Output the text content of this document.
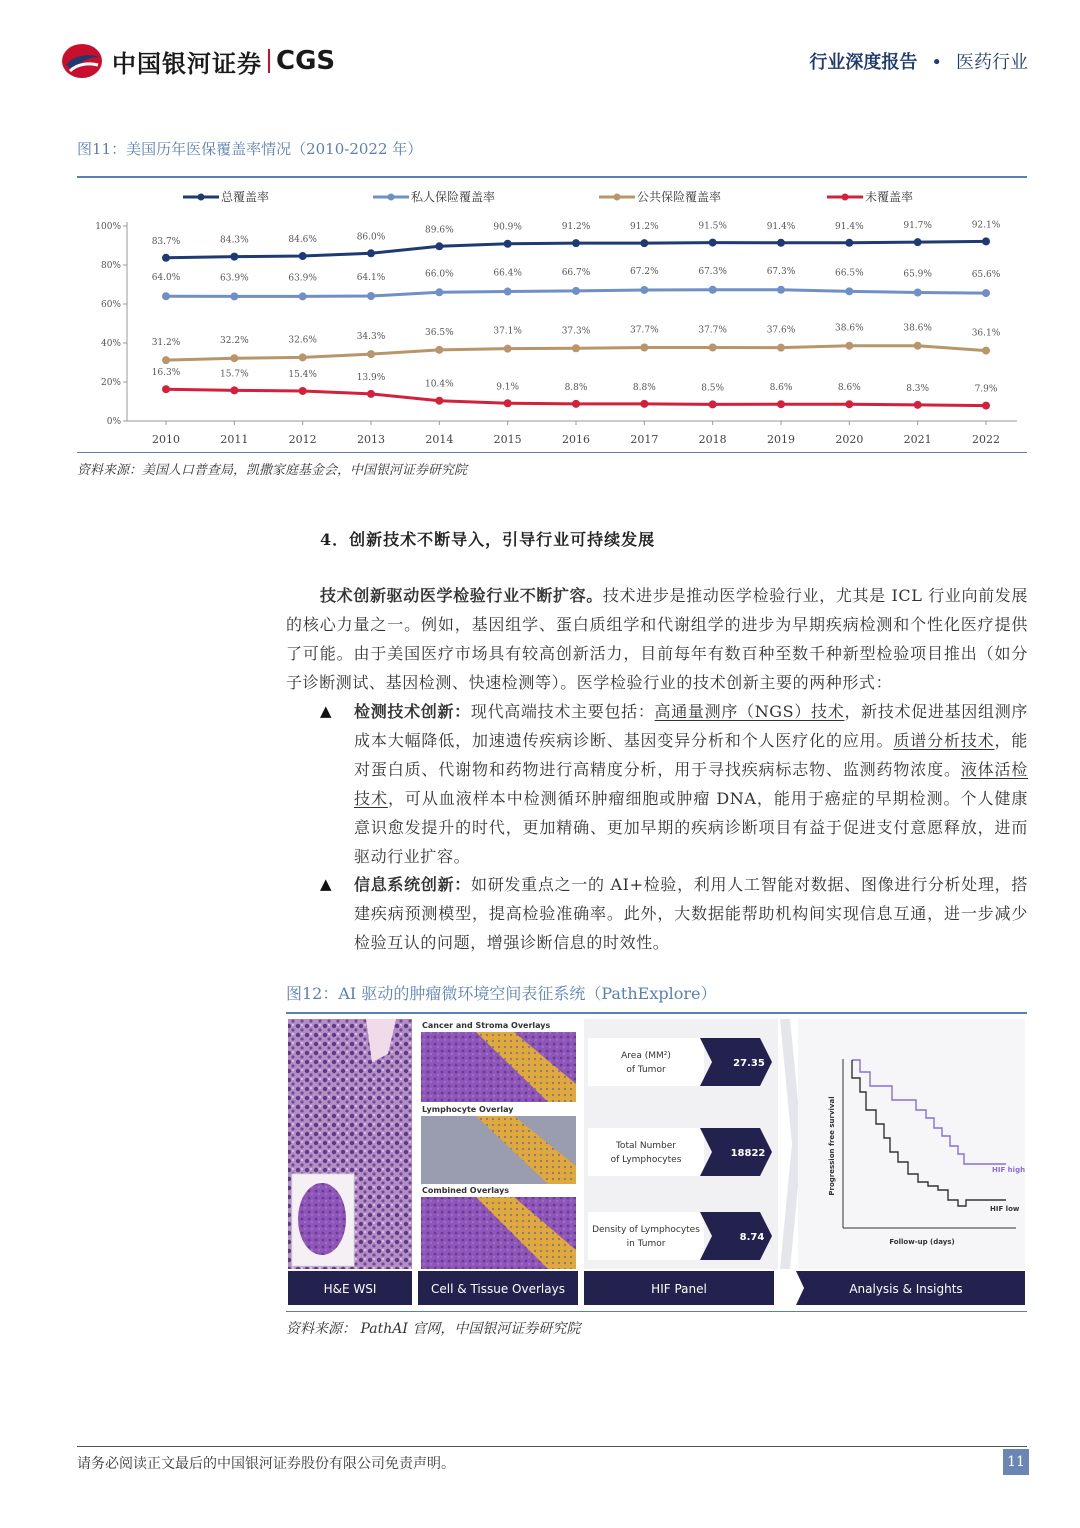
中国银河证券 CGS	行业深度报告 • 医药行业
图11：美国历年医保覆盖率情况（2010-2022 年）
0%
20%
40%
60%
80%
100%
2010	2011	2012	2013	2014	2015	2016	2017	2018	2019	2020	2021	2022
总覆盖率	私人保险覆盖率	公共保险覆盖率	未覆盖率
83.7%	84.3%	84.6%	86.0%
89.6%	90.9%	91.2%	91.2%	91.5%	91.4%	91.4%	91.7%	92.1%
64.0%	63.9%	63.9%	64.1%	66.0%	66.4%	66.7%	67.2%	67.3%	67.3%	66.5%	65.9%	65.6%
31.2%	32.2%	32.6%	34.3%	36.5%	37.1%	37.3%	37.7%	37.7%	37.6%	38.6%	38.6%	36.1%
16.3%	15.7%	15.4%	13.9%
10.4%	9.1%	8.8%	8.8%	8.5%	8.6%	8.6%	8.3%	7.9%
资料来源：美国人口普查局，凯撒家庭基金会，中国银河证券研究院
4．创新技术不断导入，引导行业可持续发展
技术创新驱动医学检验行业不断扩容。技术进步是推动医学检验行业，尤其是 ICL 行业向前发展的核心力量之一。例如，基因组学、蛋白质组学和代谢组学的进步为早期疾病检测和个性化医疗提供了可能。由于美国医疗市场具有较高创新活力，目前每年有数百种至数千种新型检验项目推出（如分子诊断测试、基因检测、快速检测等）。医学检验行业的技术创新主要的两种形式：
▲	检测技术创新：现代高端技术主要包括：高通量测序（NGS）技术，新技术促进基因组测序成本大幅降低，加速遗传疾病诊断、基因变异分析和个人医疗化的应用。质谱分析技术，能对蛋白质、代谢物和药物进行高精度分析，用于寻找疾病标志物、监测药物浓度。液体活检技术，可从血液样本中检测循环肿瘤细胞或肿瘤 DNA，能用于癌症的早期检测。个人健康意识愈发提升的时代，更加精确、更加早期的疾病诊断项目有益于促进支付意愿释放，进而驱动行业扩容。
▲	信息系统创新：如研发重点之一的 AI+检验，利用人工智能对数据、图像进行分析处理，搭建疾病预测模型，提高检验准确率。此外，大数据能帮助机构间实现信息互通，进一步减少检验互认的问题，增强诊断信息的时效性。
图12：AI 驱动的肿瘤微环境空间表征系统（PathExplore）
H&E WSI
Cancer and Stroma Overlays
Lymphocyte Overlay
Combined Overlays
Cell & Tissue Overlays
Area (MM²)
of Tumor
27.35
Total Number
of Lymphocytes
18822
Density of Lymphocytes
in Tumor
8.74
HIF Panel
Progression free survival
Follow-up (days)
HIF high
HIF low
Analysis & Insights
资料来源： PathAI 官网，中国银河证券研究院
请务必阅读正文最后的中国银河证券股份有限公司免责声明。	11
